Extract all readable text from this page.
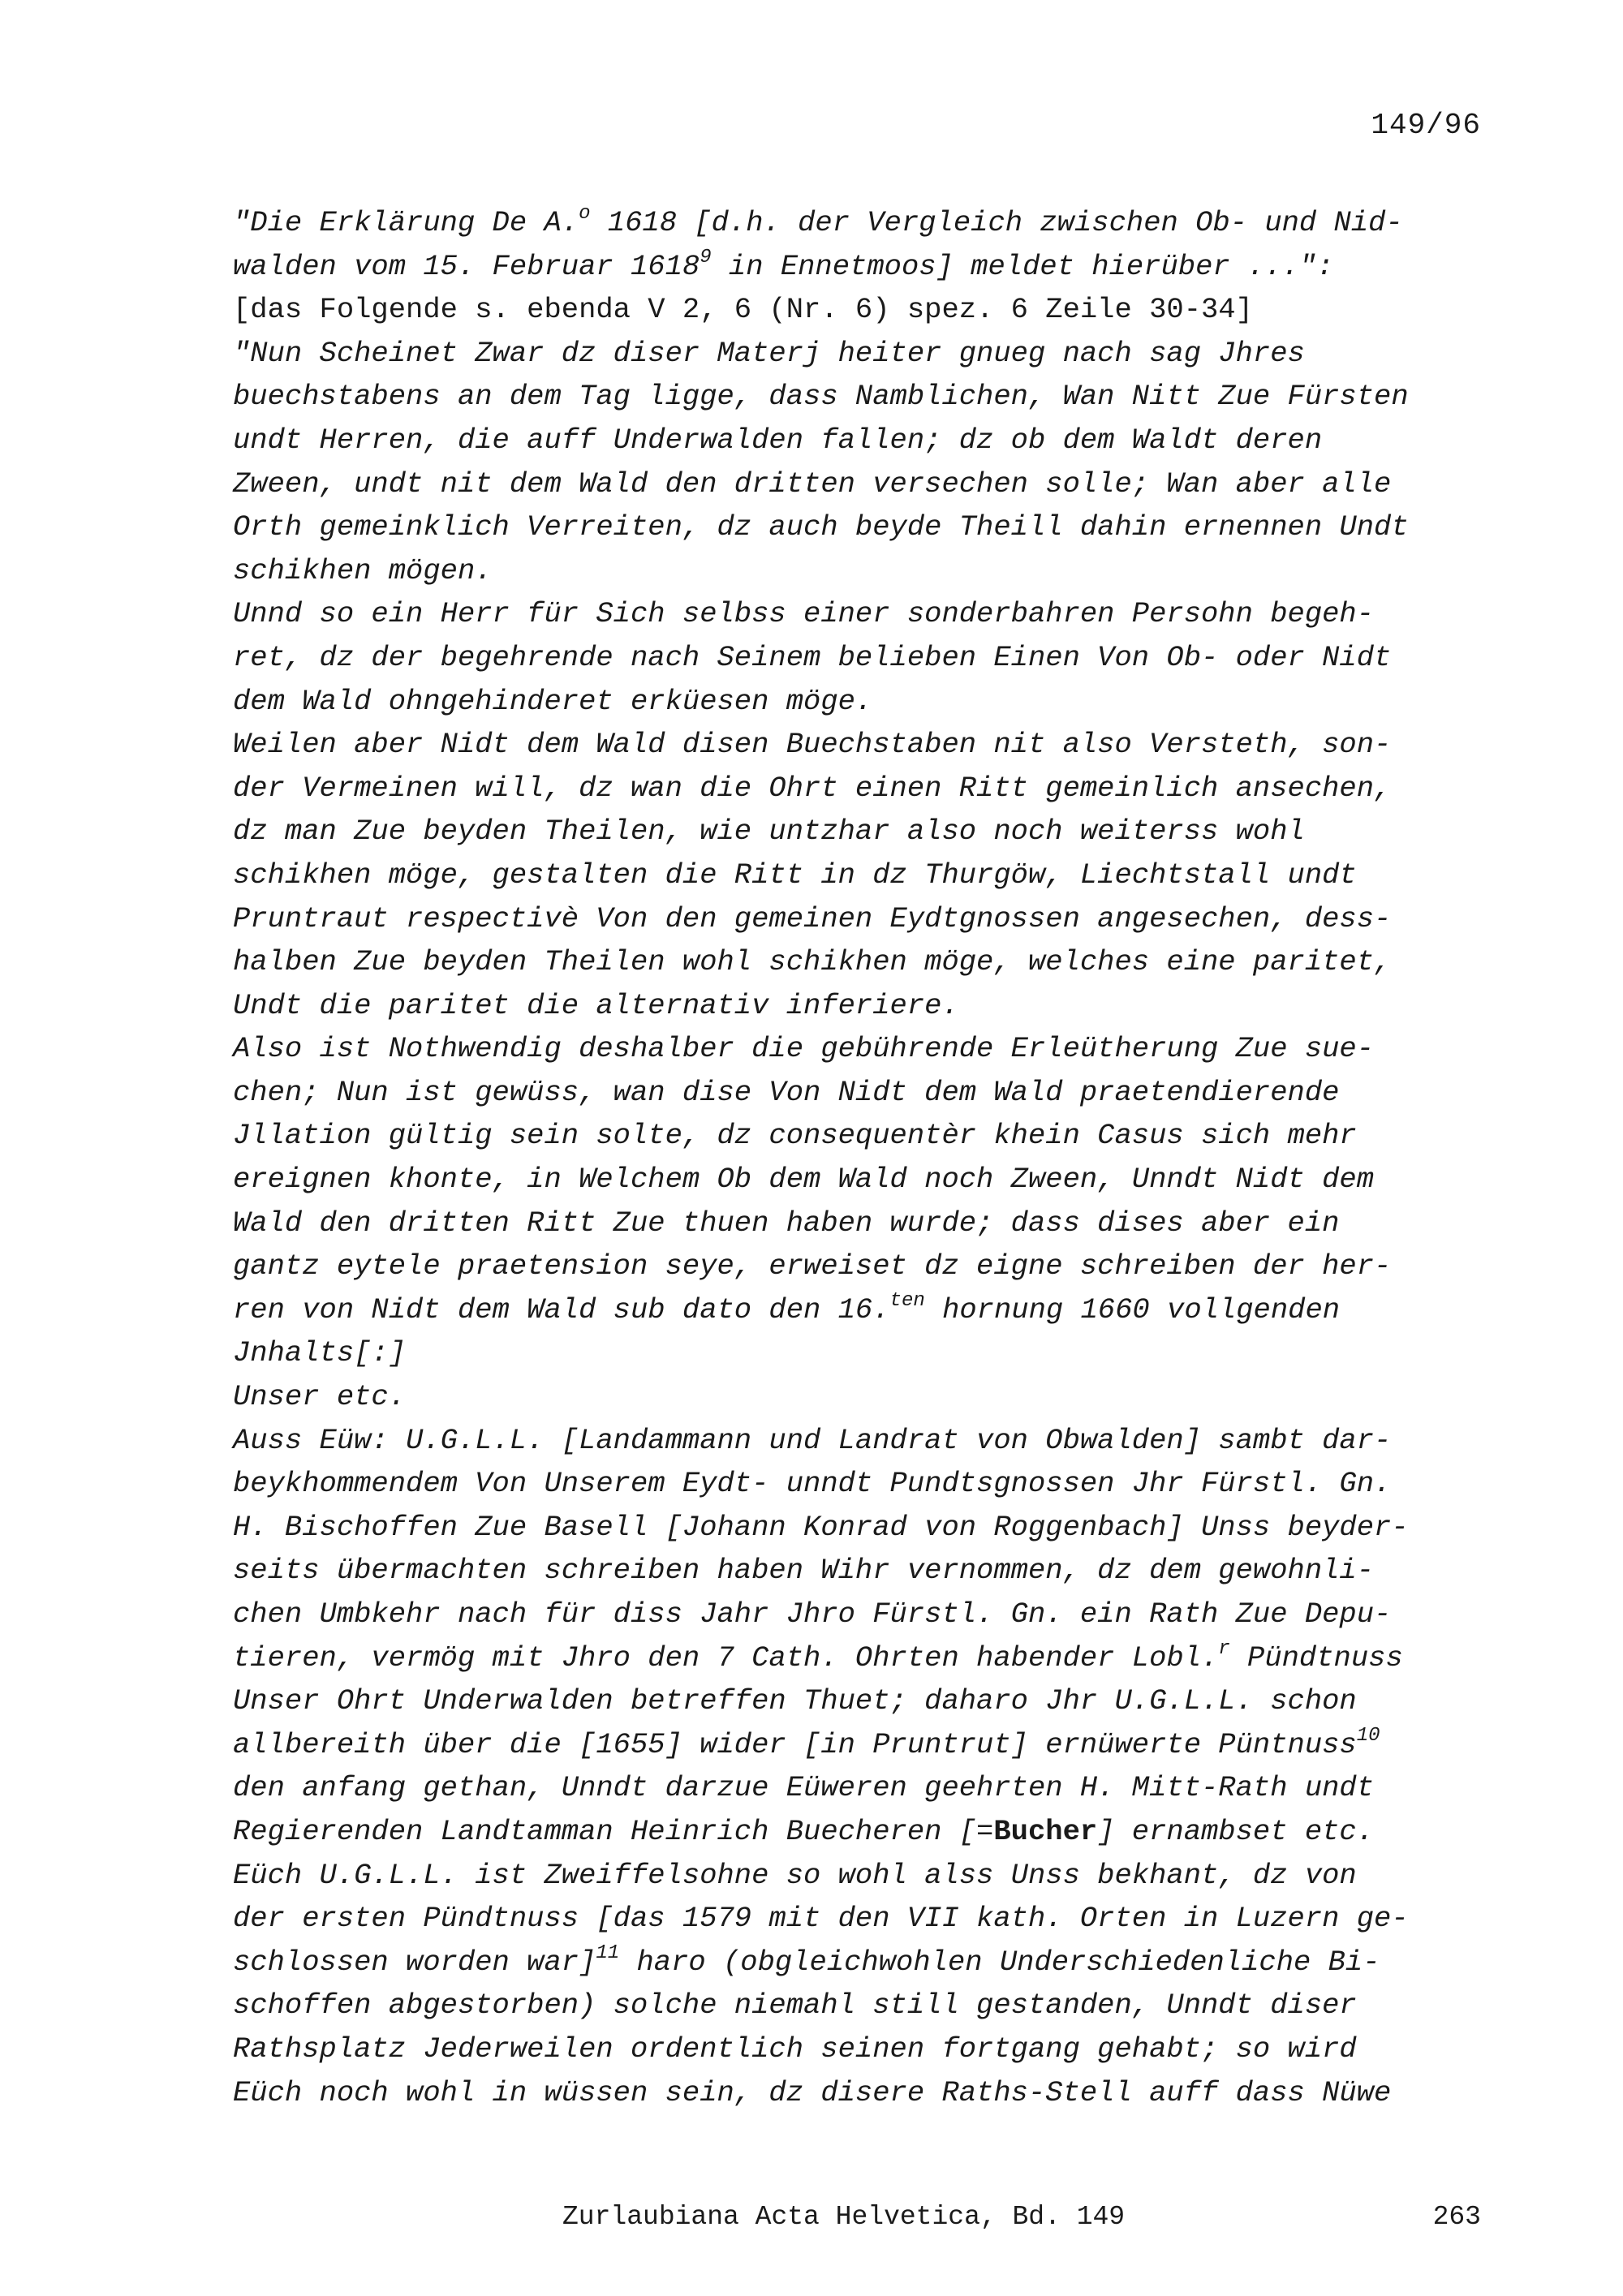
149/96
"Die Erklärung De A.$^o$ 1618 [d.h. der Vergleich zwischen Ob- und Nid-
walden vom 15. Februar 1618$^9$ in Ennetmoos] meldet hierüber ...":
[das Folgende s. ebenda V 2, 6 (Nr. 6) spez. 6 Zeile 30-34]
"Nun Scheinet Zwar dz diser Materj heiter gnueg nach sag Jhres
buechstabens an dem Tag ligge, dass Namblichen, Wan Nitt Zue Fürsten
undt Herren, die auff Underwalden fallen; dz ob dem Waldt deren
Zween, undt nit dem Wald den dritten versechen solle; Wan aber alle
Orth gemeinklich Verreiten, dz auch beyde Theill dahin ernennen Undt
schikhen mögen.
Unnd so ein Herr für Sich selbss einer sonderbahren Persohn begeh-
ret, dz der begehrende nach Seinem belieben Einen Von Ob- oder Nidt
dem Wald ohngehinderet erküesen möge.
Weilen aber Nidt dem Wald disen Buechstaben nit also Versteth, son-
der Vermeinen will, dz wan die Ohrt einen Ritt gemeinlich ansechen,
dz man Zue beyden Theilen, wie untzhar also noch weiterss wohl
schikhen möge, gestalten die Ritt in dz Thurgöw, Liechtstall undt
Pruntraut respectivè Von den gemeinen Eydtgnossen angesechen, dess-
halben Zue beyden Theilen wohl schikhen möge, welches eine paritet,
Undt die paritet die alternativ inferiere.
Also ist Nothwendig deshalber die gebührende Erleütherung Zue sue-
chen; Nun ist gewüss, wan dise Von Nidt dem Wald praetendierende
Jllation gültig sein solte, dz consequentèr khein Casus sich mehr
ereignen khonte, in Welchem Ob dem Wald noch Zween, Unndt Nidt dem
Wald den dritten Ritt Zue thuen haben wurde; dass dises aber ein
gantz eytele praetension seye, erweiset dz eigne schreiben der her-
ren von Nidt dem Wald sub dato den 16.$^{ten}$ hornung 1660 vollgenden
Jnhalts[:]
Unser etc.
Auss Eüw: U.G.L.L. [Landammann und Landrat von Obwalden] sambt dar-
beykhommendem Von Unserem Eydt- unndt Pundtsgnossen Jhr Fürstl. Gn.
H. Bischoffen Zue Basell [Johann Konrad von Roggenbach] Unss beyder-
seits übermachten schreiben haben Wihr vernommen, dz dem gewohnli-
chen Umbkehr nach für diss Jahr Jhro Fürstl. Gn. ein Rath Zue Depu-
tieren, vermög mit Jhro den 7 Cath. Ohrten habender Lobl.$^r$ Pündtnuss
Unser Ohrt Underwalden betreffen Thuet; daharo Jhr U.G.L.L. schon
allbereith über die [1655] wider [in Pruntrut] ernüwerte Püntnuss$^{10}$
den anfang gethan, Unndt darzue Eüweren geehrten H. Mitt-Rath undt
Regierenden Landtamman Heinrich Buecheren [=Bucher] ernambset etc.
Eüch U.G.L.L. ist Zweiffelsohne so wohl alss Unss bekhant, dz von
der ersten Pündtnuss [das 1579 mit den VII kath. Orten in Luzern ge-
schlossen worden war]$^{11}$ haro (obgleichwohlen Underschiedenliche Bi-
schoffen abgestorben) solche niemahl still gestanden, Unndt diser
Rathsplatz Jederweilen ordentlich seinen fortgang gehabt; so wird
Eüch noch wohl in wüssen sein, dz disere Raths-Stell auff dass Nüwe
Zurlaubiana Acta Helvetica, Bd. 149	263
